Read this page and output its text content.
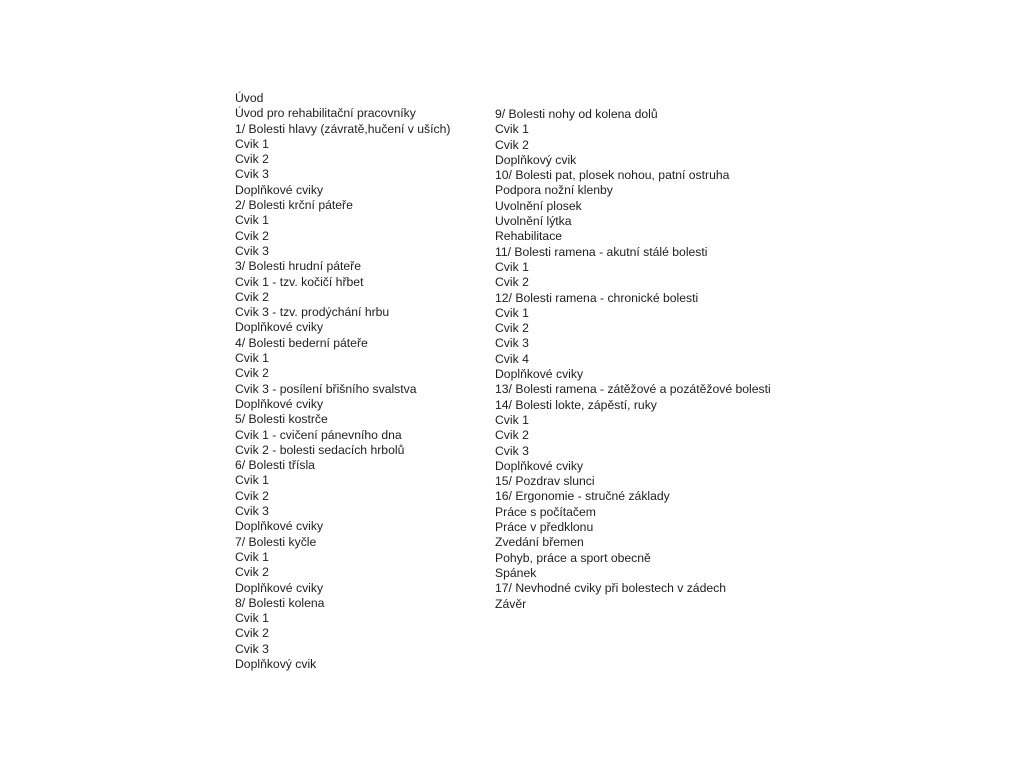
Úvod
Úvod pro rehabilitační pracovníky
1/ Bolesti hlavy (závratě,hučení v uších)
Cvik 1
Cvik 2
Cvik 3
Doplňkové cviky
2/ Bolesti krční páteře
Cvik 1
Cvik 2
Cvik 3
3/ Bolesti hrudní páteře
Cvik 1 - tzv. kočičí hřbet
Cvik 2
Cvik 3 - tzv. prodýchání hrbu
Doplňkové cviky
4/ Bolesti bederní páteře
Cvik 1
Cvik 2
Cvik 3 - posílení břišního svalstva
Doplňkové cviky
5/ Bolesti kostrče
Cvik 1 - cvičení pánevního dna
Cvik 2 - bolesti sedacích hrbolů
6/ Bolesti třísla
Cvik 1
Cvik 2
Cvik 3
Doplňkové cviky
7/ Bolesti kyčle
Cvik 1
Cvik 2
Doplňkové cviky
8/ Bolesti kolena
Cvik 1
Cvik 2
Cvik 3
Doplňkový cvik
9/ Bolesti nohy od kolena dolů
Cvik 1
Cvik 2
Doplňkový cvik
10/ Bolesti pat, plosek nohou, patní ostruha
Podpora nožní klenby
Uvolnění plosek
Uvolnění lýtka
Rehabilitace
11/ Bolesti ramena - akutní stálé bolesti
Cvik 1
Cvik 2
12/ Bolesti ramena - chronické bolesti
Cvik 1
Cvik 2
Cvik 3
Cvik 4
Doplňkové cviky
13/ Bolesti ramena - zátěžové a pozátěžové bolesti
14/ Bolesti lokte, zápěstí, ruky
Cvik 1
Cvik 2
Cvik 3
Doplňkové cviky
15/ Pozdrav slunci
16/ Ergonomie - stručné základy
Práce s počítačem
Práce v předklonu
Zvedání břemen
Pohyb, práce a sport obecně
Spánek
17/ Nevhodné cviky při bolestech v zádech
Závěr
